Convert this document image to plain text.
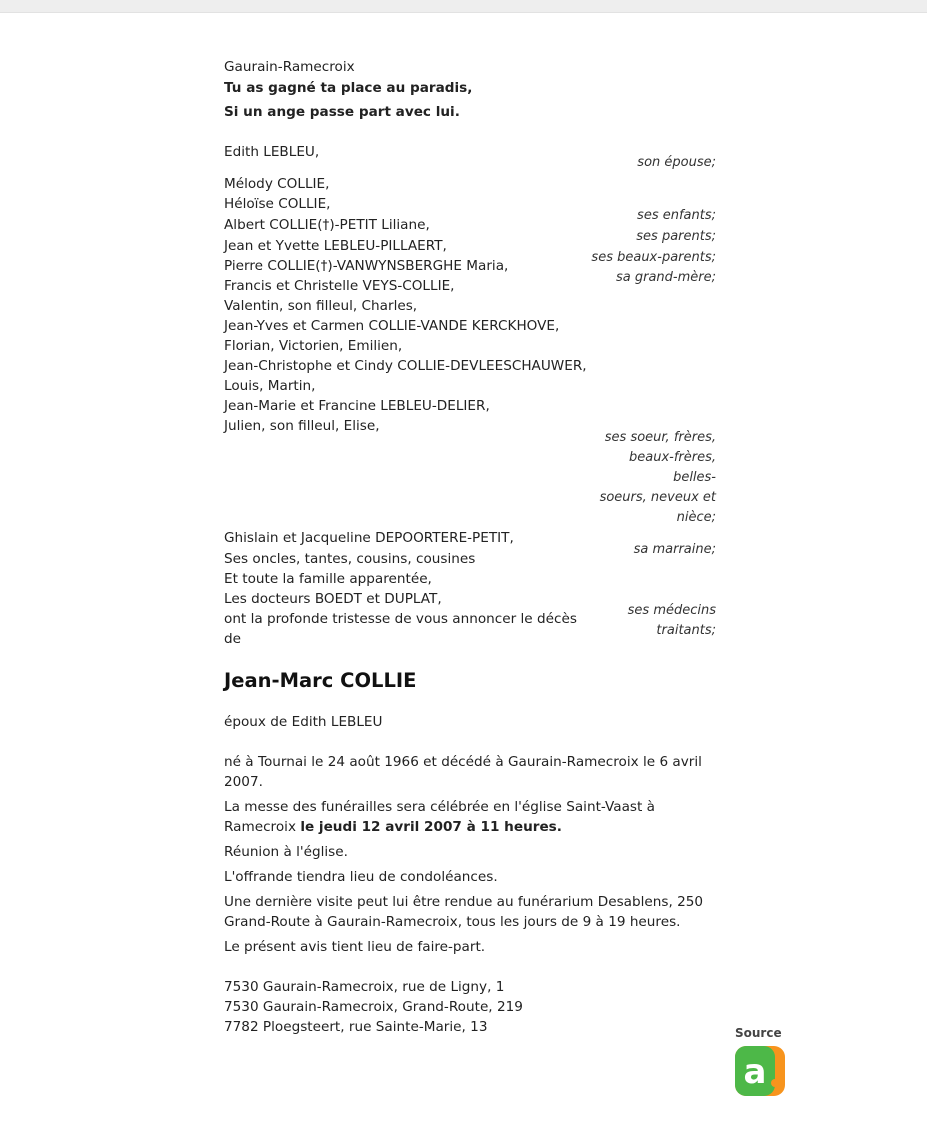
Gaurain-Ramecroix
Tu as gagné ta place au paradis,
Si un ange passe part avec lui.
Edith LEBLEU,
son épouse;
Mélody COLLIE,
Héloïse COLLIE,
ses enfants;
Albert COLLIE(†)-PETIT Liliane,
ses parents;
Jean et Yvette LEBLEU-PILLAERT,
ses beaux-parents;
Pierre COLLIE(†)-VANWYNSBERGHE Maria,
sa grand-mère;
Francis et Christelle VEYS-COLLIE,
Valentin, son filleul, Charles,
Jean-Yves et Carmen COLLIE-VANDE KERCKHOVE,
Florian, Victorien, Emilien,
Jean-Christophe et Cindy COLLIE-DEVLEESCHAUWER,
Louis, Martin,
Jean-Marie et Francine LEBLEU-DELIER,
Julien, son filleul, Elise,
ses soeur, frères,
beaux-frères, belles-
soeurs, neveux et
nièce;
Ghislain et Jacqueline DEPOORTERE-PETIT,
sa marraine;
Ses oncles, tantes, cousins, cousines
Et toute la famille apparentée,
Les docteurs BOEDT et DUPLAT,
ses médecins
traitants;
ont la profonde tristesse de vous annoncer le décès
de
Jean-Marc COLLIE
époux de Edith LEBLEU
né à Tournai le 24 août 1966 et décédé à Gaurain-Ramecroix le 6 avril
2007.
La messe des funérailles sera célébrée en l'église Saint-Vaast à
Ramecroix le jeudi 12 avril 2007 à 11 heures.
Réunion à l'église.
L'offrande tiendra lieu de condoléances.
Une dernière visite peut lui être rendue au funérarium Desablens, 250
Grand-Route à Gaurain-Ramecroix, tous les jours de 9 à 19 heures.
Le présent avis tient lieu de faire-part.
7530 Gaurain-Ramecroix, rue de Ligny, 1
7530 Gaurain-Ramecroix, Grand-Route, 219
7782 Ploegsteert, rue Sainte-Marie, 13	Source
a
